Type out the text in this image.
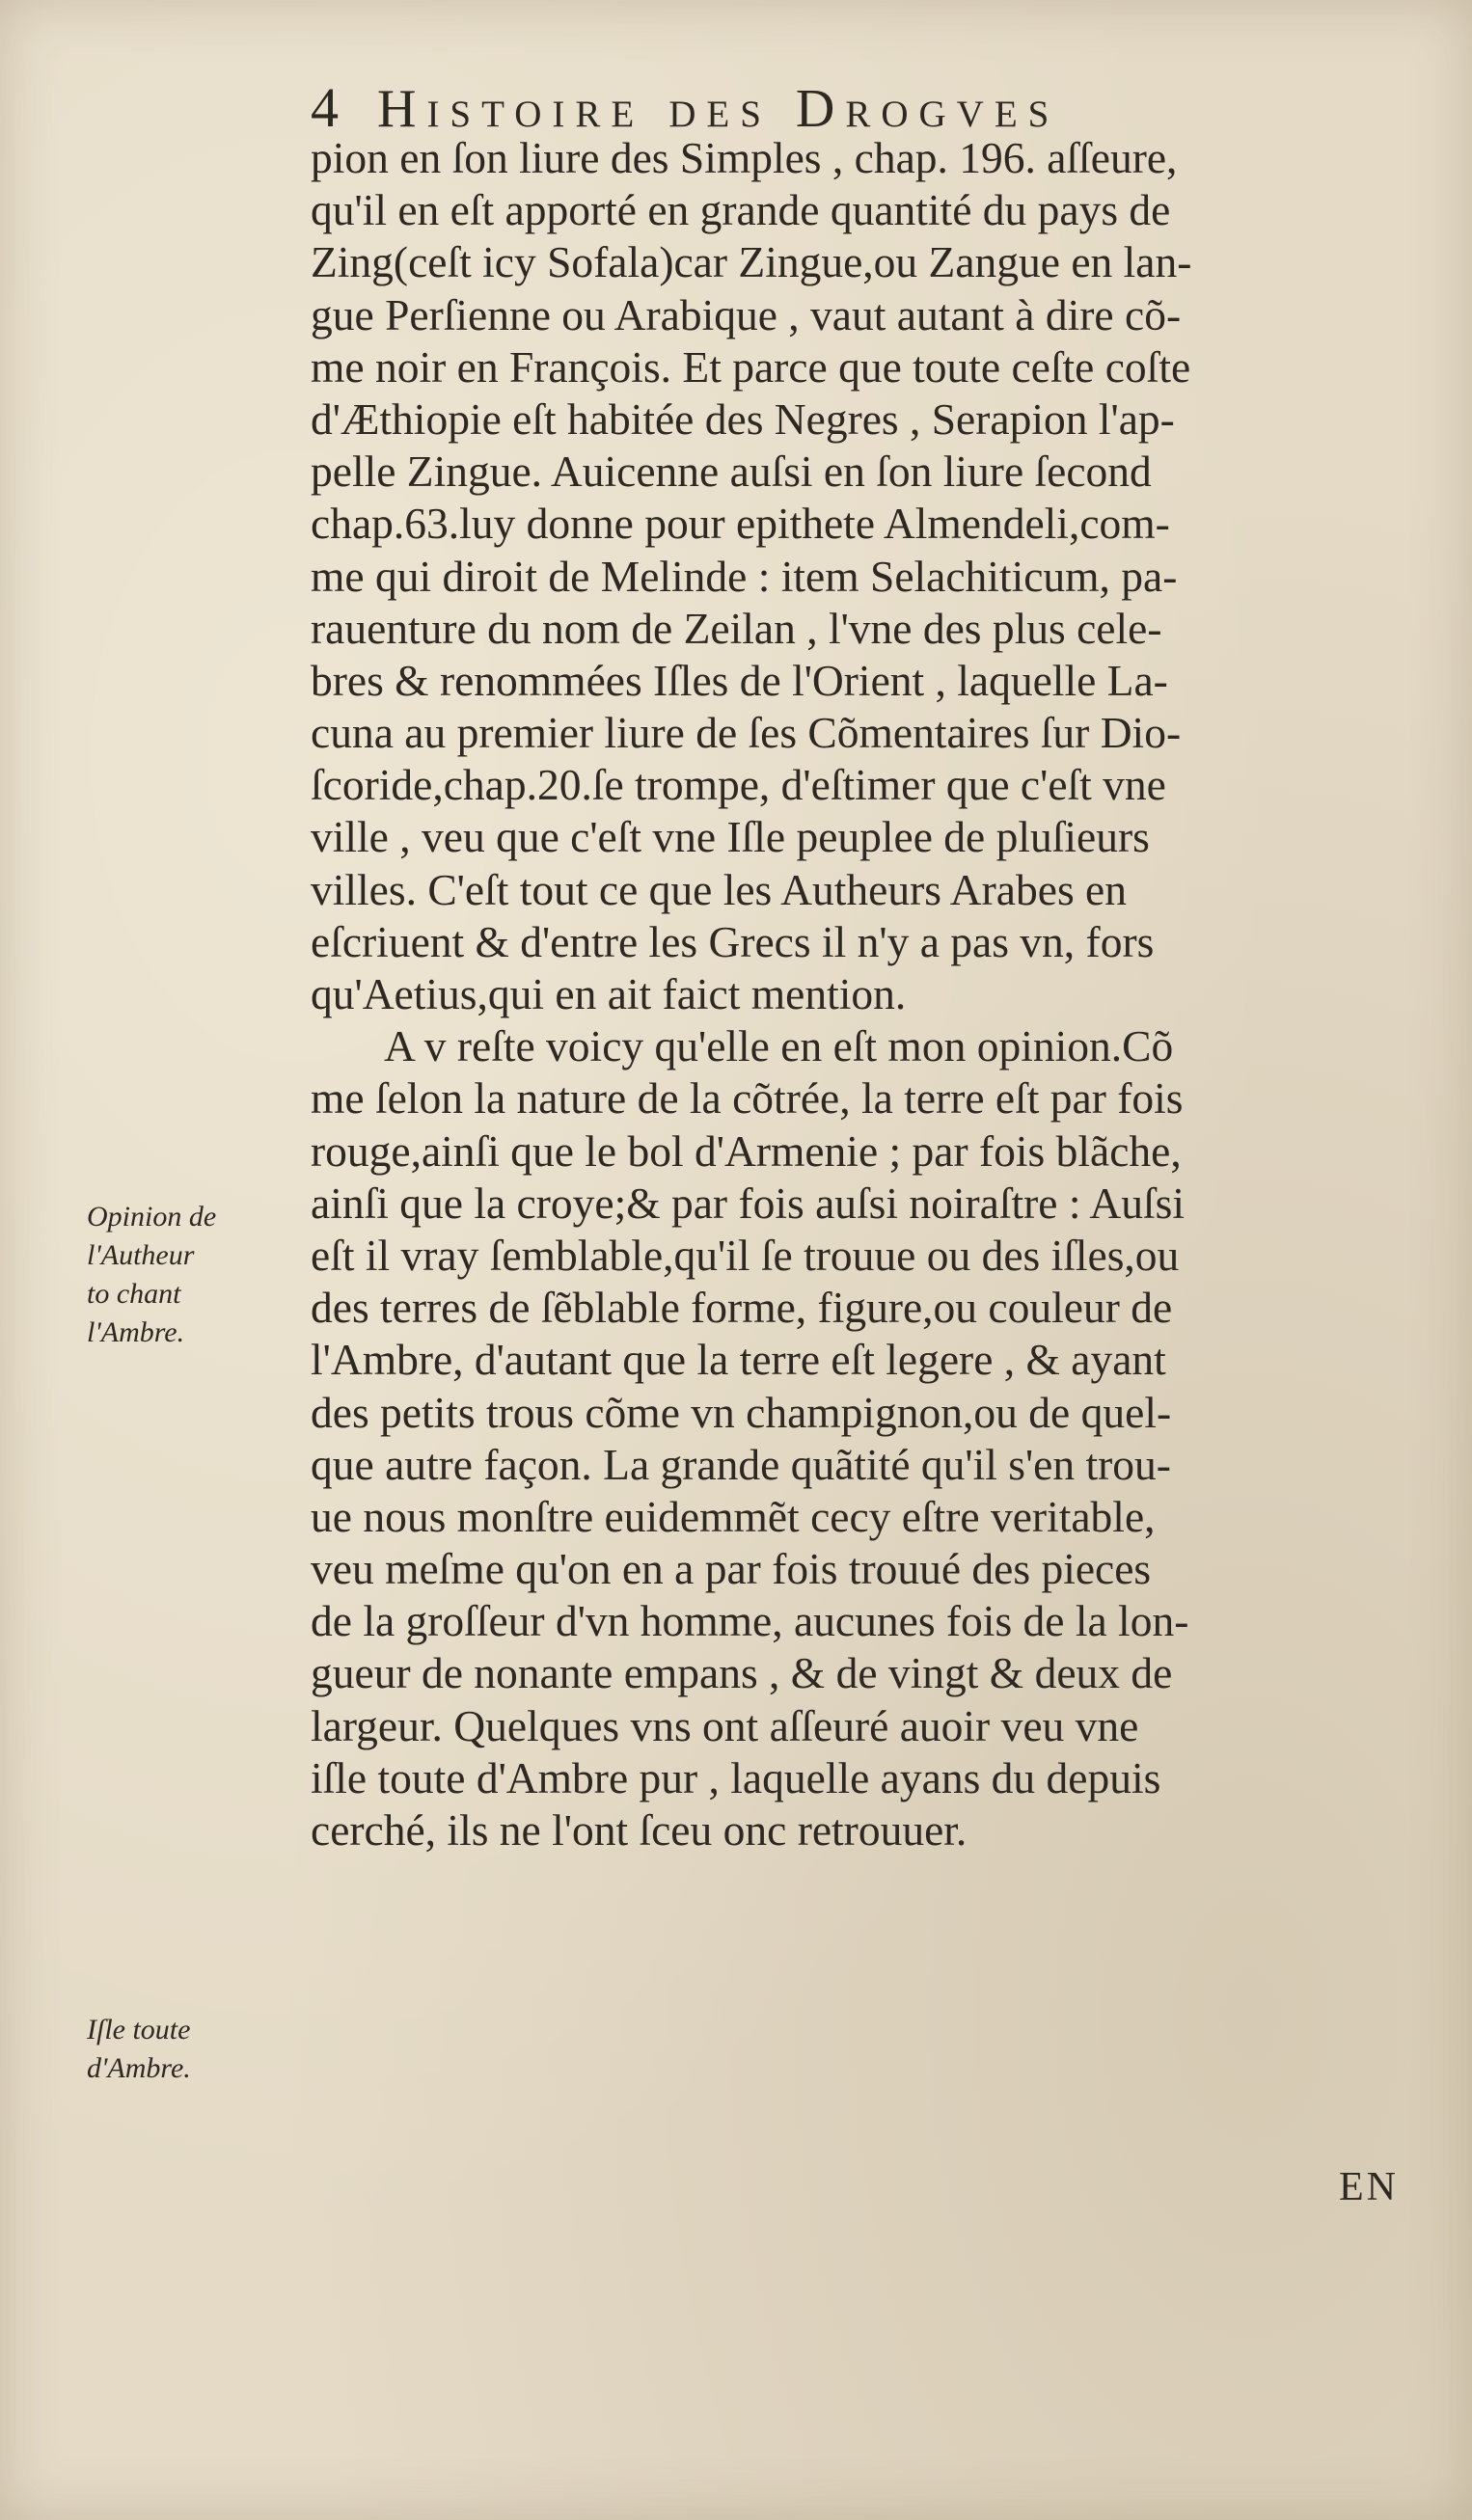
4 Histoire des Drogves
pion en ſon liure des Simples , chap. 196. aſſeure,
qu'il en eſt apporté en grande quantité du pays de
Zing(ceſt icy Sofala)car Zingue,ou Zangue en lan-
gue Perſienne ou Arabique , vaut autant à dire cõ-
me noir en François. Et parce que toute ceſte coſte
d'Æthiopie eſt habitée des Negres , Serapion l'ap-
pelle Zingue. Auicenne auſsi en ſon liure ſecond
chap.63.luy donne pour epithete Almendeli,com-
me qui diroit de Melinde : item Selachiticum, pa-
rauenture du nom de Zeilan , l'vne des plus cele-
bres & renommées Iſles de l'Orient , laquelle La-
cuna au premier liure de ſes Cõmentaires ſur Dio-
ſcoride,chap.20.ſe trompe, d'eſtimer que c'eſt vne
ville , veu que c'eſt vne Iſle peuplee de pluſieurs
villes. C'eſt tout ce que les Autheurs Arabes en
eſcriuent & d'entre les Grecs il n'y a pas vn, fors
qu'Aetius,qui en ait faict mention.
A v reſte voicy qu'elle en eſt mon opinion.Cõ
me ſelon la nature de la cõtrée, la terre eſt par fois
rouge,ainſi que le bol d'Armenie ; par fois blãche,
ainſi que la croye;& par fois auſsi noiraſtre : Auſsi
eſt il vray ſemblable,qu'il ſe trouue ou des iſles,ou
des terres de ſẽblable forme, figure,ou couleur de
l'Ambre, d'autant que la terre eſt legere , & ayant
des petits trous cõme vn champignon,ou de quel-
que autre façon. La grande quãtité qu'il s'en trou-
ue nous monſtre euidemmẽt cecy eſtre veritable,
veu meſme qu'on en a par fois trouué des pieces
de la groſſeur d'vn homme, aucunes fois de la lon-
gueur de nonante empans , & de vingt & deux de
largeur. Quelques vns ont aſſeuré auoir veu vne
iſle toute d'Ambre pur , laquelle ayans du depuis
cerché, ils ne l'ont ſceu onc retrouuer.
EN
Opinion de
l'Autheur
to chant
l'Ambre.
Iſle toute
d'Ambre.
